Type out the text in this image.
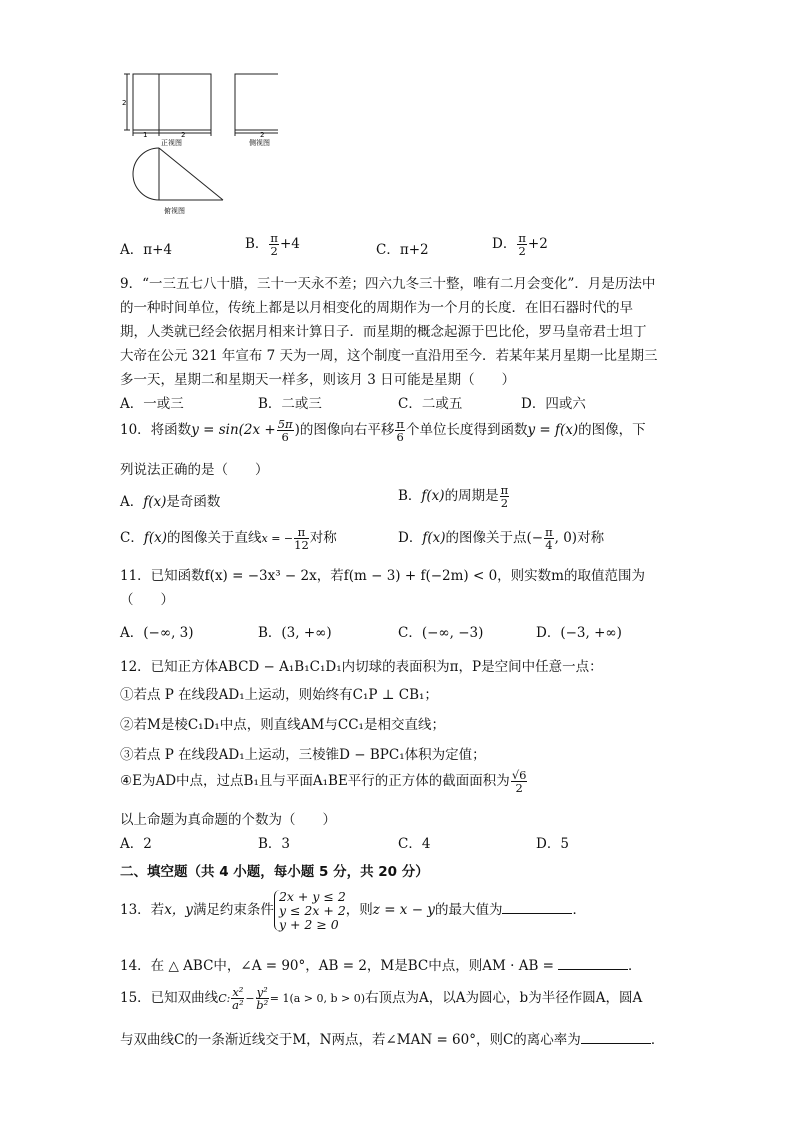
2
1	2	2
正视图	侧视图
俯视图
A．π+4	B． $\frac{\pi}{2} +4$	C．π+2	D． $\frac{\pi}{2} +2$
9．“一三五七八十腊，三十一天永不差；四六九冬三十整，唯有二月会变化”．月是历法中
的一种时间单位，传统上都是以月相变化的周期作为一个月的长度．在旧石器时代的早
期，人类就已经会依据月相来计算日子．而星期的概念起源于巴比伦，罗马皇帝君士坦丁
大帝在公元 321 年宣布 7 天为一周，这个制度一直沿用至今．若某年某月星期一比星期三
多一天，星期二和星期天一样多，则该月 3 日可能是星期（　　）
A．一或三	B．二或三	C．二或五	D．四或六
10．将函数$y = \sin(2x + \frac{5\pi}{6}$ )的图像向右平移 $\frac{\pi}{6}$ 个单位长度得到函数y = f(x)的图像，下
列说法正确的是（　　）
A．f(x)是奇函数	B．f(x)的周期是 $\frac{\pi}{2}$
C．f(x)的图像关于直线x = − $\frac{\pi}{12}$ 对称	D．f(x)的图像关于点(− $\frac{\pi}{4}$ , 0)对称
11．已知函数f(x) = −3x³ − 2x，若f(m − 3) + f(−2m) < 0，则实数m的取值范围为
（　　）
A．(−∞, 3)	B．(3, +∞)	C．(−∞, −3)	D．(−3, +∞)
12．已知正方体ABCD − A₁B₁C₁D₁内切球的表面积为π，P是空间中任意一点：
①若点 P 在线段AD₁上运动，则始终有C₁P ⊥ CB₁；
②若M是棱C₁D₁中点，则直线AM与CC₁是相交直线；
③若点 P 在线段AD₁上运动，三棱锥D − BPC₁体积为定值；
④E为AD中点，过点B₁且与平面A₁BE平行的正方体的截面面积为 $\frac{√6}{2}$
以上命题为真命题的个数为（　　）
A．2	B．3	C．4	D．5
二、填空题（共 4 小题，每小题 5 分，共 20 分）
13．若x，y满足约束条件
2x + y ≤ 2
y ≤ 2x + 2
y + 2 ≥ 0
，则z = x − y的最大值为	．
14．在 △ ABC中，∠A = 90°，AB = 2，M是BC中点，则AM · AB =	．
15．已知双曲线C: $\frac{\text{x²}}{\text{a²}} - \frac{\text{y²}}{\text{b²}} = 1(a > 0$, b > 0)右顶点为A，以A为圆心，b为半径作圆A，圆A
与双曲线C的一条渐近线交于M，N两点，若∠MAN = 60°，则C的离心率为	．
